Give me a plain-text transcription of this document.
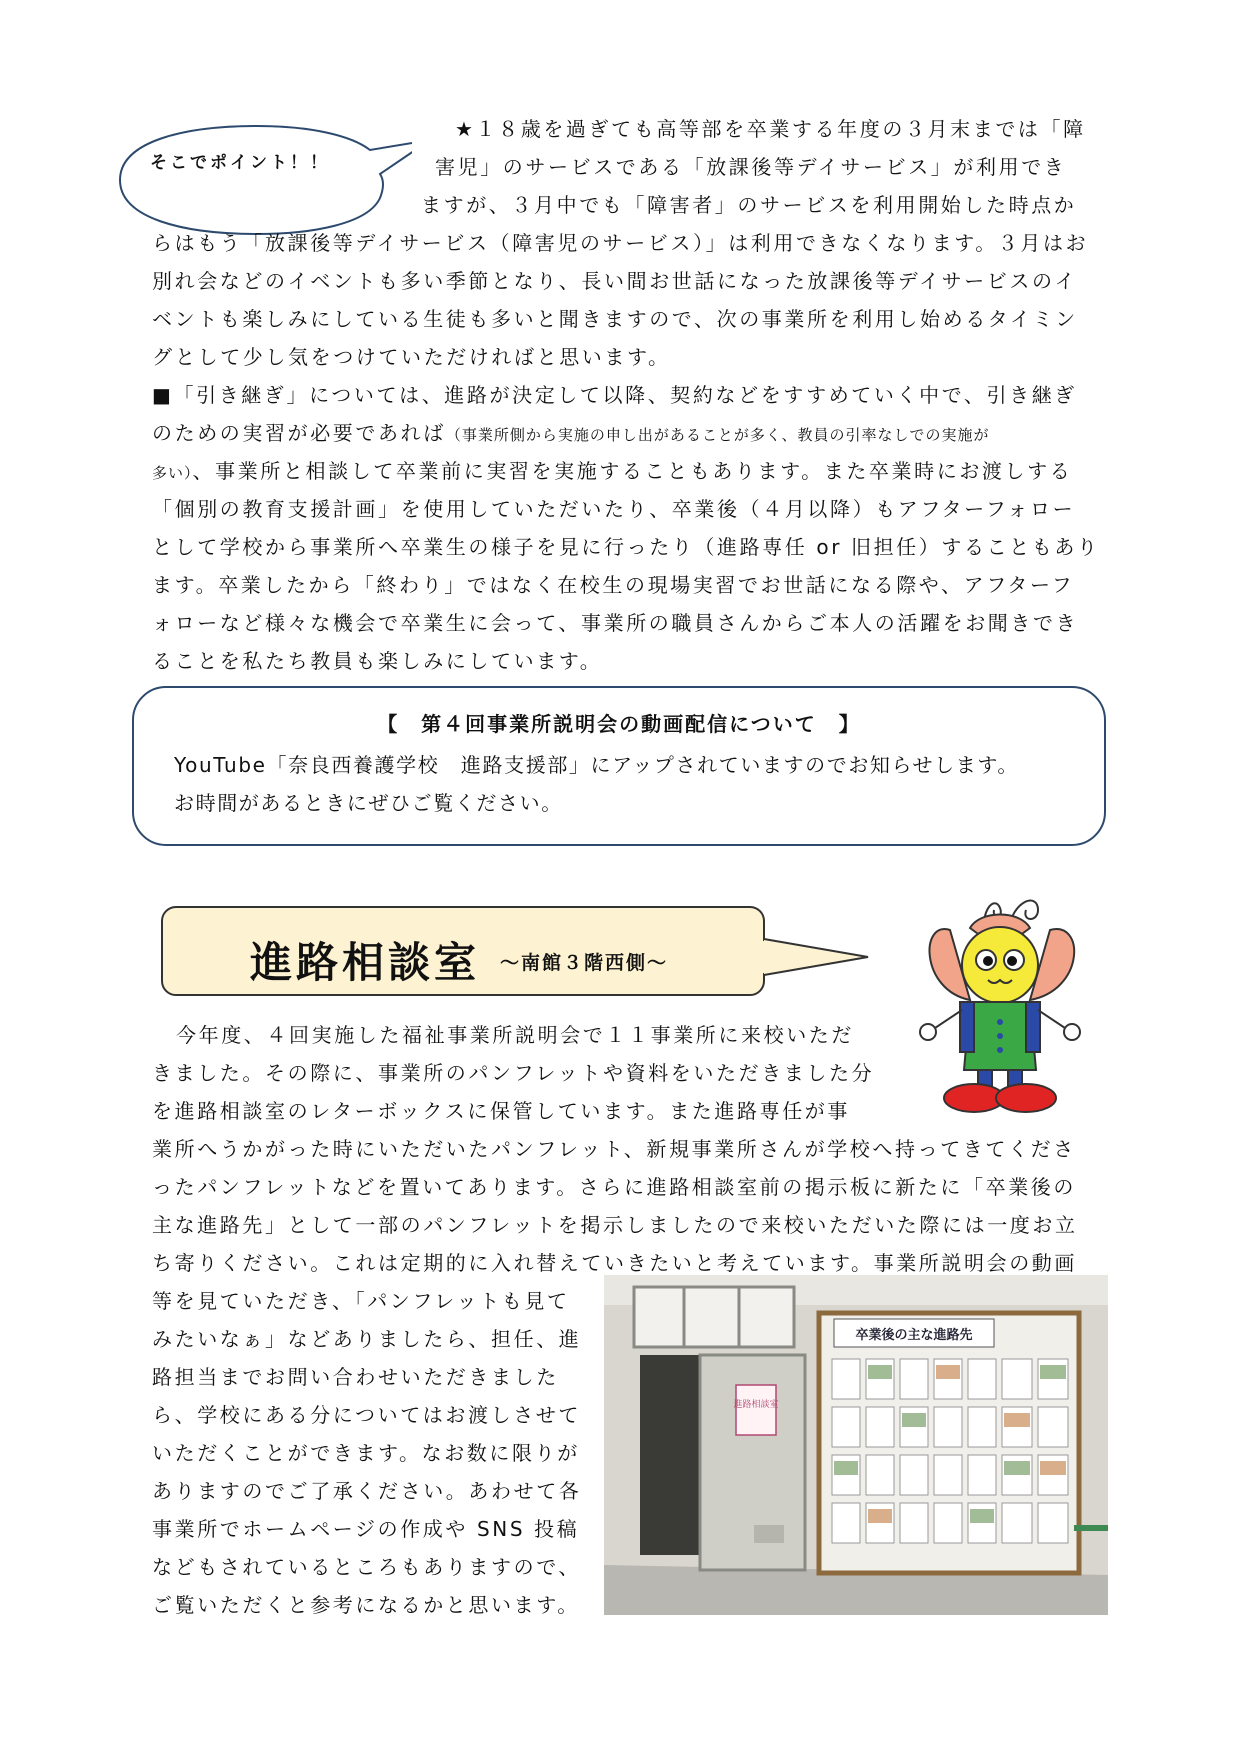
そこでポイント！！
★１８歳を過ぎても高等部を卒業する年度の３月末までは「障
害児」のサービスである「放課後等デイサービス」が利用でき
ますが、３月中でも「障害者」のサービスを利用開始した時点か
らはもう「放課後等デイサービス（障害児のサービス）」は利用できなくなります。３月はお
別れ会などのイベントも多い季節となり、長い間お世話になった放課後等デイサービスのイ
ベントも楽しみにしている生徒も多いと聞きますので、次の事業所を利用し始めるタイミン
グとして少し気をつけていただければと思います。
■「引き継ぎ」については、進路が決定して以降、契約などをすすめていく中で、引き継ぎ
のための実習が必要であれば（事業所側から実施の申し出があることが多く、教員の引率なしでの実施が
多い）、事業所と相談して卒業前に実習を実施することもあります。また卒業時にお渡しする
「個別の教育支援計画」を使用していただいたり、卒業後（４月以降）もアフターフォロー
として学校から事業所へ卒業生の様子を見に行ったり（進路専任 or 旧担任）することもあり
ます。卒業したから「終わり」ではなく在校生の現場実習でお世話になる際や、アフターフ
ォローなど様々な機会で卒業生に会って、事業所の職員さんからご本人の活躍をお聞きでき
ることを私たち教員も楽しみにしています。
【　第４回事業所説明会の動画配信について　】
YouTube「奈良西養護学校　進路支援部」にアップされていますのでお知らせします。
お時間があるときにぜひご覧ください。
進路相談室 ～南館３階西側～
今年度、４回実施した福祉事業所説明会で１１事業所に来校いただ
きました。その際に、事業所のパンフレットや資料をいただきました分
を進路相談室のレターボックスに保管しています。また進路専任が事
業所へうかがった時にいただいたパンフレット、新規事業所さんが学校へ持ってきてくださ
ったパンフレットなどを置いてあります。さらに進路相談室前の掲示板に新たに「卒業後の
主な進路先」として一部のパンフレットを掲示しましたので来校いただいた際には一度お立
ち寄りください。これは定期的に入れ替えていきたいと考えています。事業所説明会の動画
等を見ていただき、「パンフレットも見て
みたいなぁ」などありましたら、担任、進
路担当までお問い合わせいただきました
ら、学校にある分についてはお渡しさせて
いただくことができます。なお数に限りが
ありますのでご了承ください。あわせて各
事業所でホームページの作成や SNS 投稿
などもされているところもありますので、
ご覧いただくと参考になるかと思います。
進路相談室
卒業後の主な進路先
